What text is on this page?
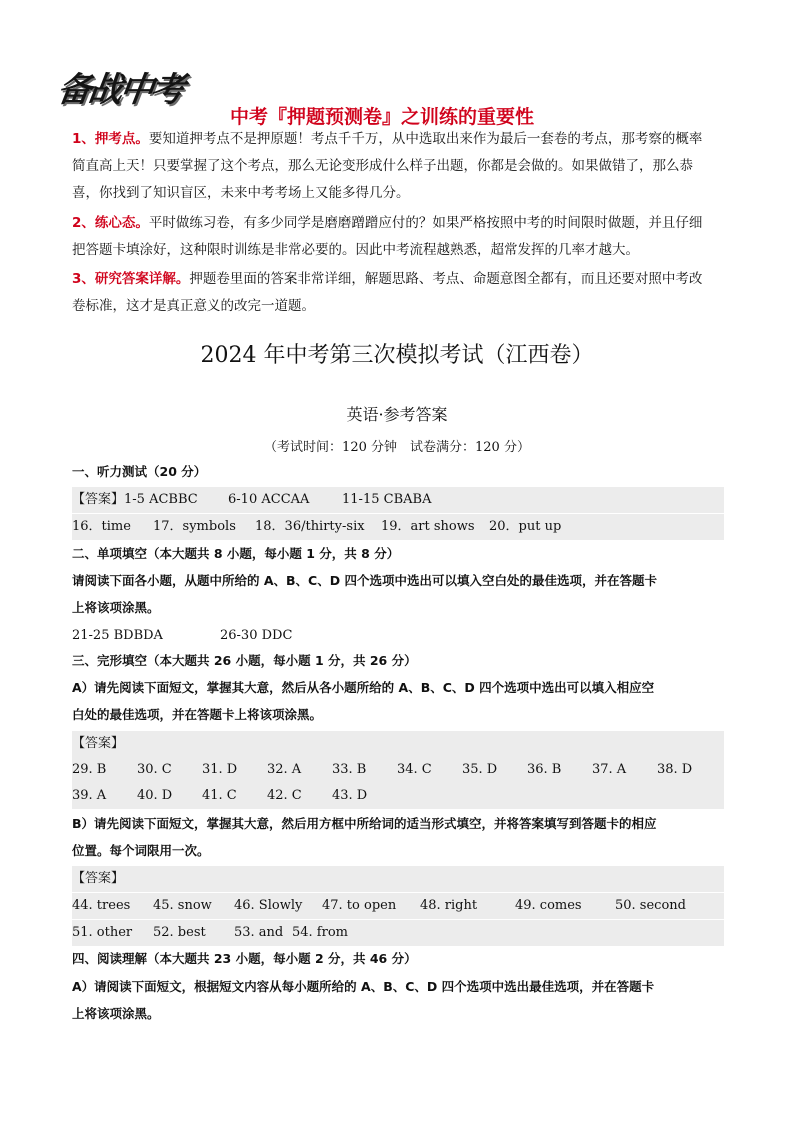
备战中考
中考『押题预测卷』之训练的重要性
1、押考点。要知道押考点不是押原题！考点千千万，从中选取出来作为最后一套卷的考点，那考察的概率
简直高上天！只要掌握了这个考点，那么无论变形成什么样子出题，你都是会做的。如果做错了，那么恭
喜，你找到了知识盲区，未来中考考场上又能多得几分。
2、练心态。平时做练习卷，有多少同学是磨磨蹭蹭应付的？如果严格按照中考的时间限时做题，并且仔细
把答题卡填涂好，这种限时训练是非常必要的。因此中考流程越熟悉，超常发挥的几率才越大。
3、研究答案详解。押题卷里面的答案非常详细，解题思路、考点、命题意图全都有，而且还要对照中考改
卷标准，这才是真正意义的改完一道题。
2024 年中考第三次模拟考试（江西卷）
英语·参考答案
（考试时间：120 分钟　试卷满分：120 分）
一、听力测试（20 分）
【答案】1-5 ACBBC 6-10 ACCAA	11-15 CBABA
16．time 17．symbols 18．36/thirty-six 19．art shows 20．put up
二、单项填空（本大题共 8 小题，每小题 1 分，共 8 分）
请阅读下面各小题，从题中所给的 A、B、C、D 四个选项中选出可以填入空白处的最佳选项，并在答题卡
上将该项涂黑。
21-25 BDBDA	26-30 DDC
三、完形填空（本大题共 26 小题，每小题 1 分，共 26 分）
A）请先阅读下面短文，掌握其大意，然后从各小题所给的 A、B、C、D 四个选项中选出可以填入相应空
白处的最佳选项，并在答题卡上将该项涂黑。
【答案】
29. B 30. C 31. D 32. A 33. B 34. C 35. D 36. B 37. A 38. D
39. A 40. D 41. C 42. C 43. D
B）请先阅读下面短文，掌握其大意，然后用方框中所给词的适当形式填空，并将答案填写到答题卡的相应
位置。每个词限用一次。
【答案】
44. trees 45. snow 46. Slowly 47. to open 48. right	49. comes	50. second
51. other 52. best 53. and 54. from
四、阅读理解（本大题共 23 小题，每小题 2 分，共 46 分）
A）请阅读下面短文，根据短文内容从每小题所给的 A、B、C、D 四个选项中选出最佳选项，并在答题卡
上将该项涂黑。
